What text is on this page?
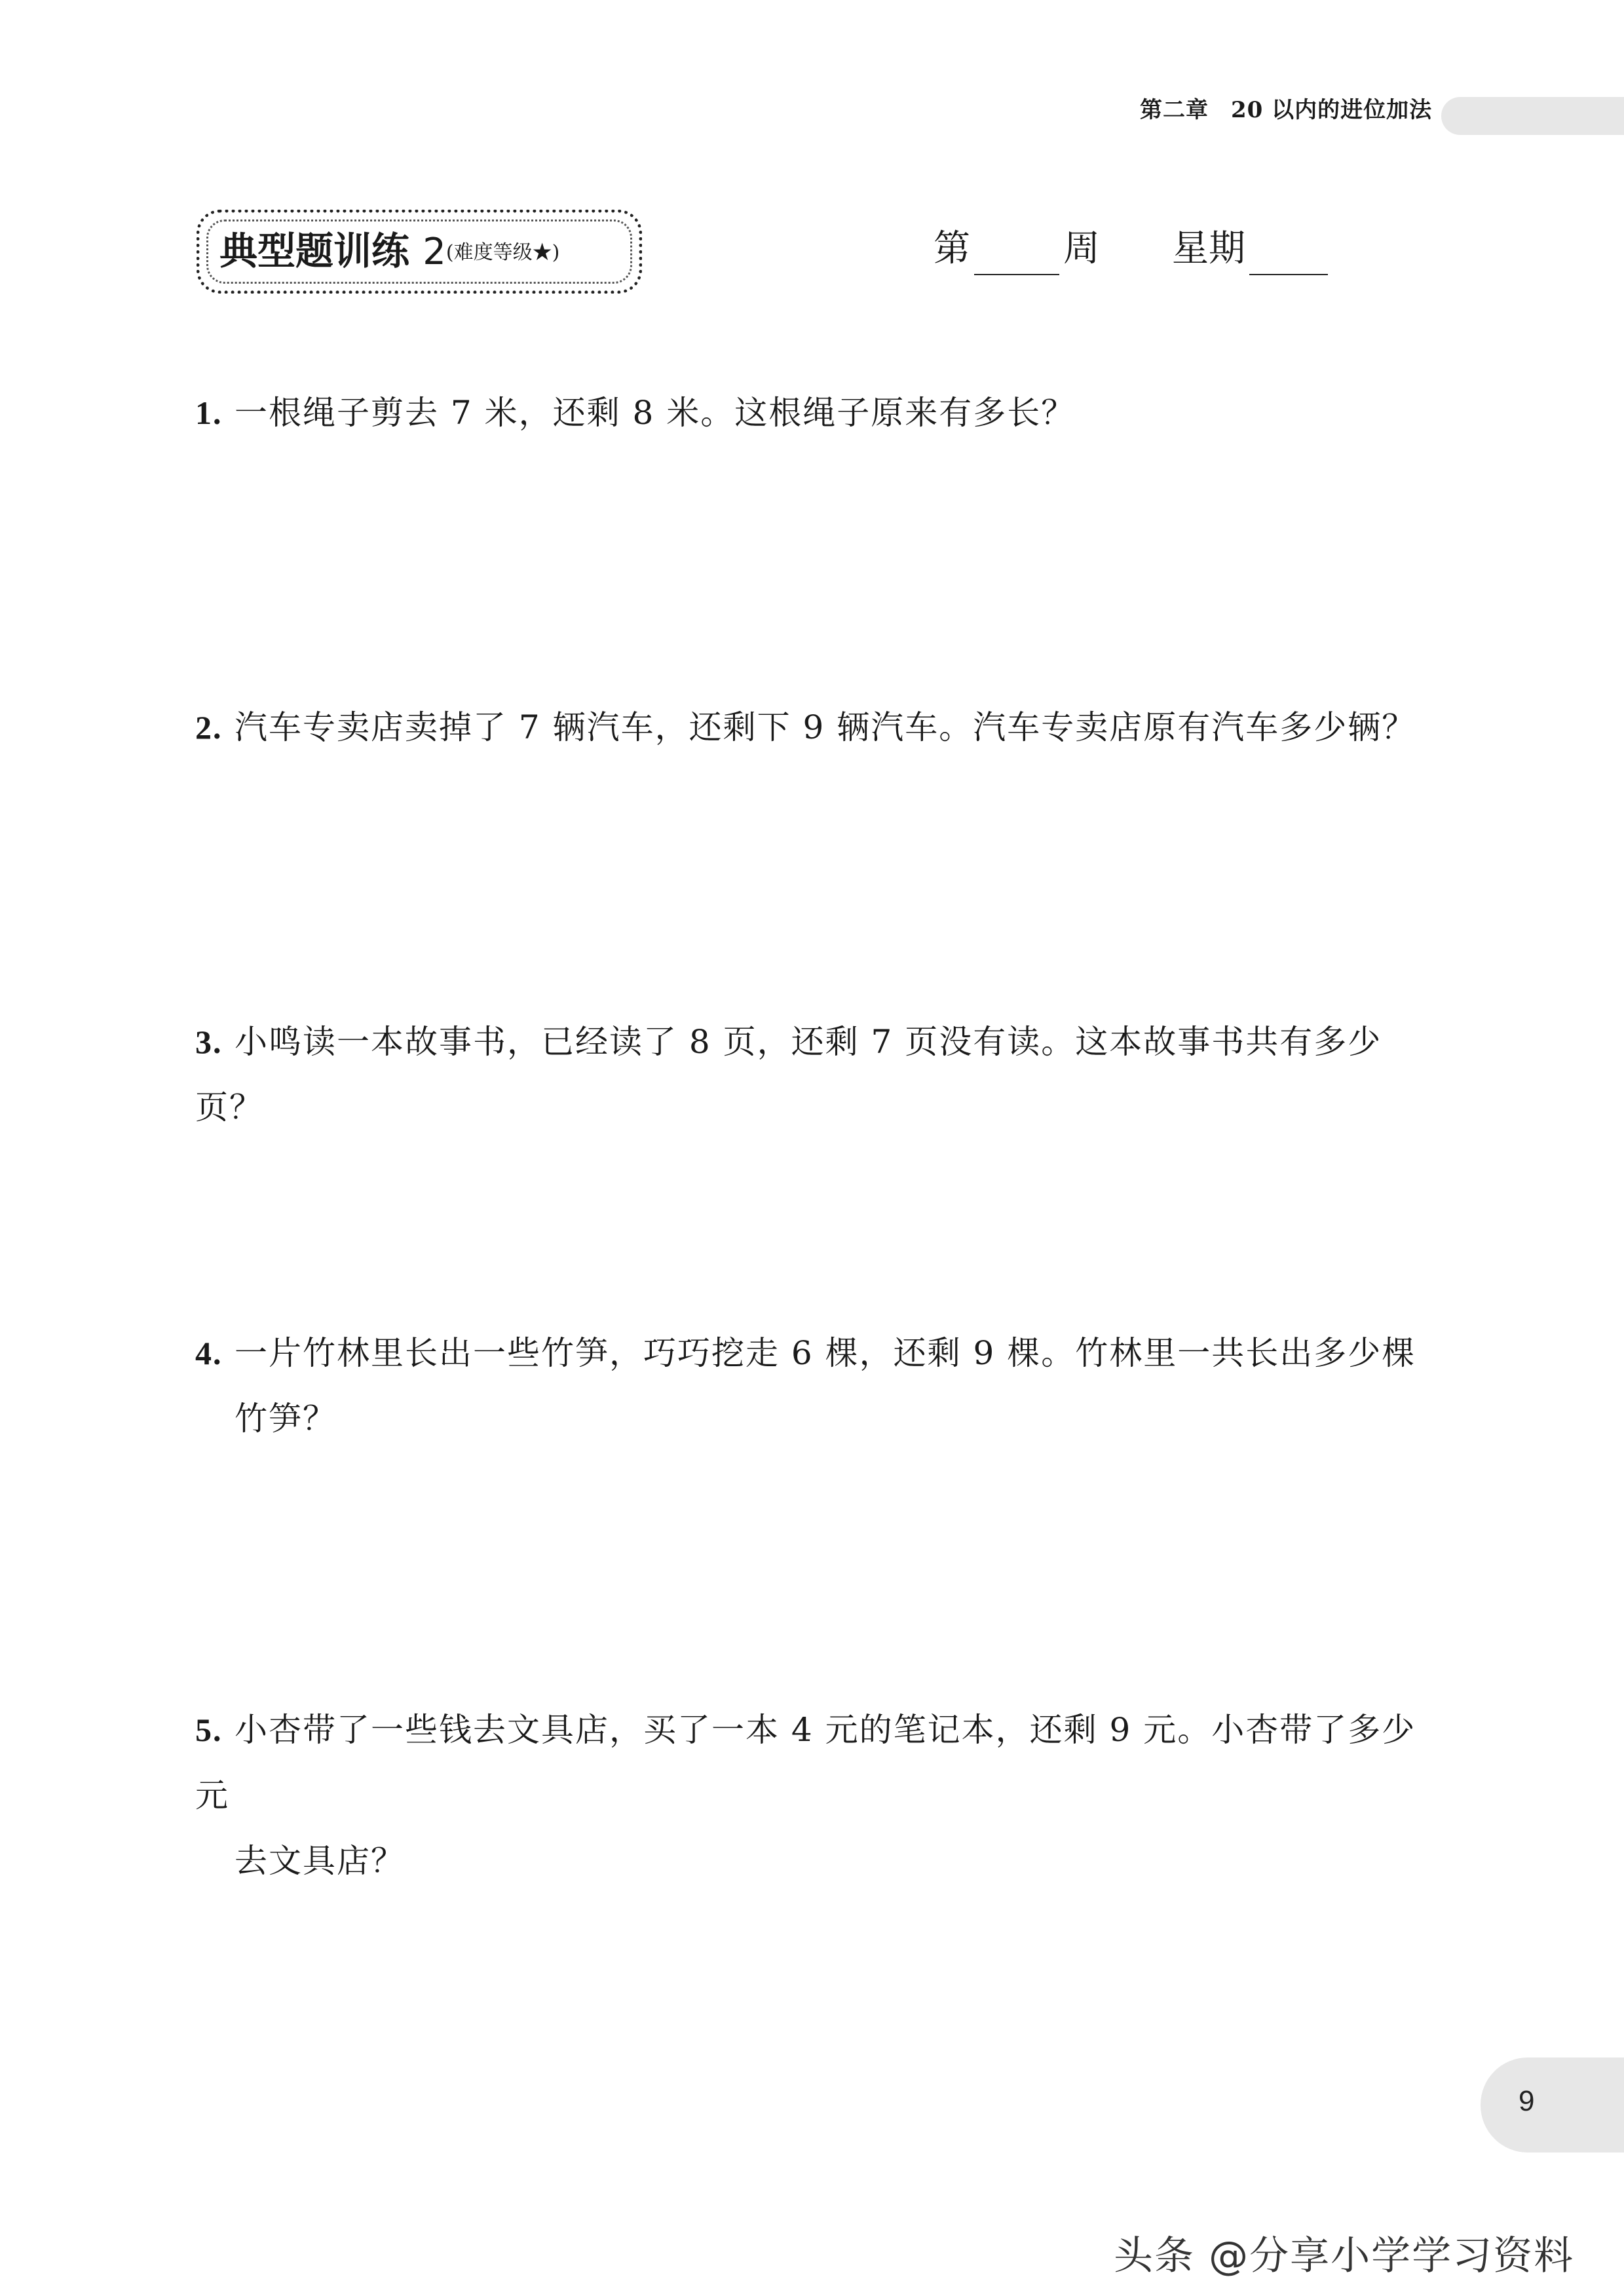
第二章 20 以内的进位加法
典型题训练 2(难度等级★)	第	周 星期
1. 一根绳子剪去 7 米，还剩 8 米。这根绳子原来有多长？
2. 汽车专卖店卖掉了 7 辆汽车，还剩下 9 辆汽车。汽车专卖店原有汽车多少辆？
3. 小鸣读一本故事书，已经读了 8 页，还剩 7 页没有读。这本故事书共有多少页？
4. 一片竹林里长出一些竹笋，巧巧挖走 6 棵，还剩 9 棵。竹林里一共长出多少棵
竹笋？
5. 小杏带了一些钱去文具店，买了一本 4 元的笔记本，还剩 9 元。小杏带了多少元
去文具店？
9
头条 @分享小学学习资料
